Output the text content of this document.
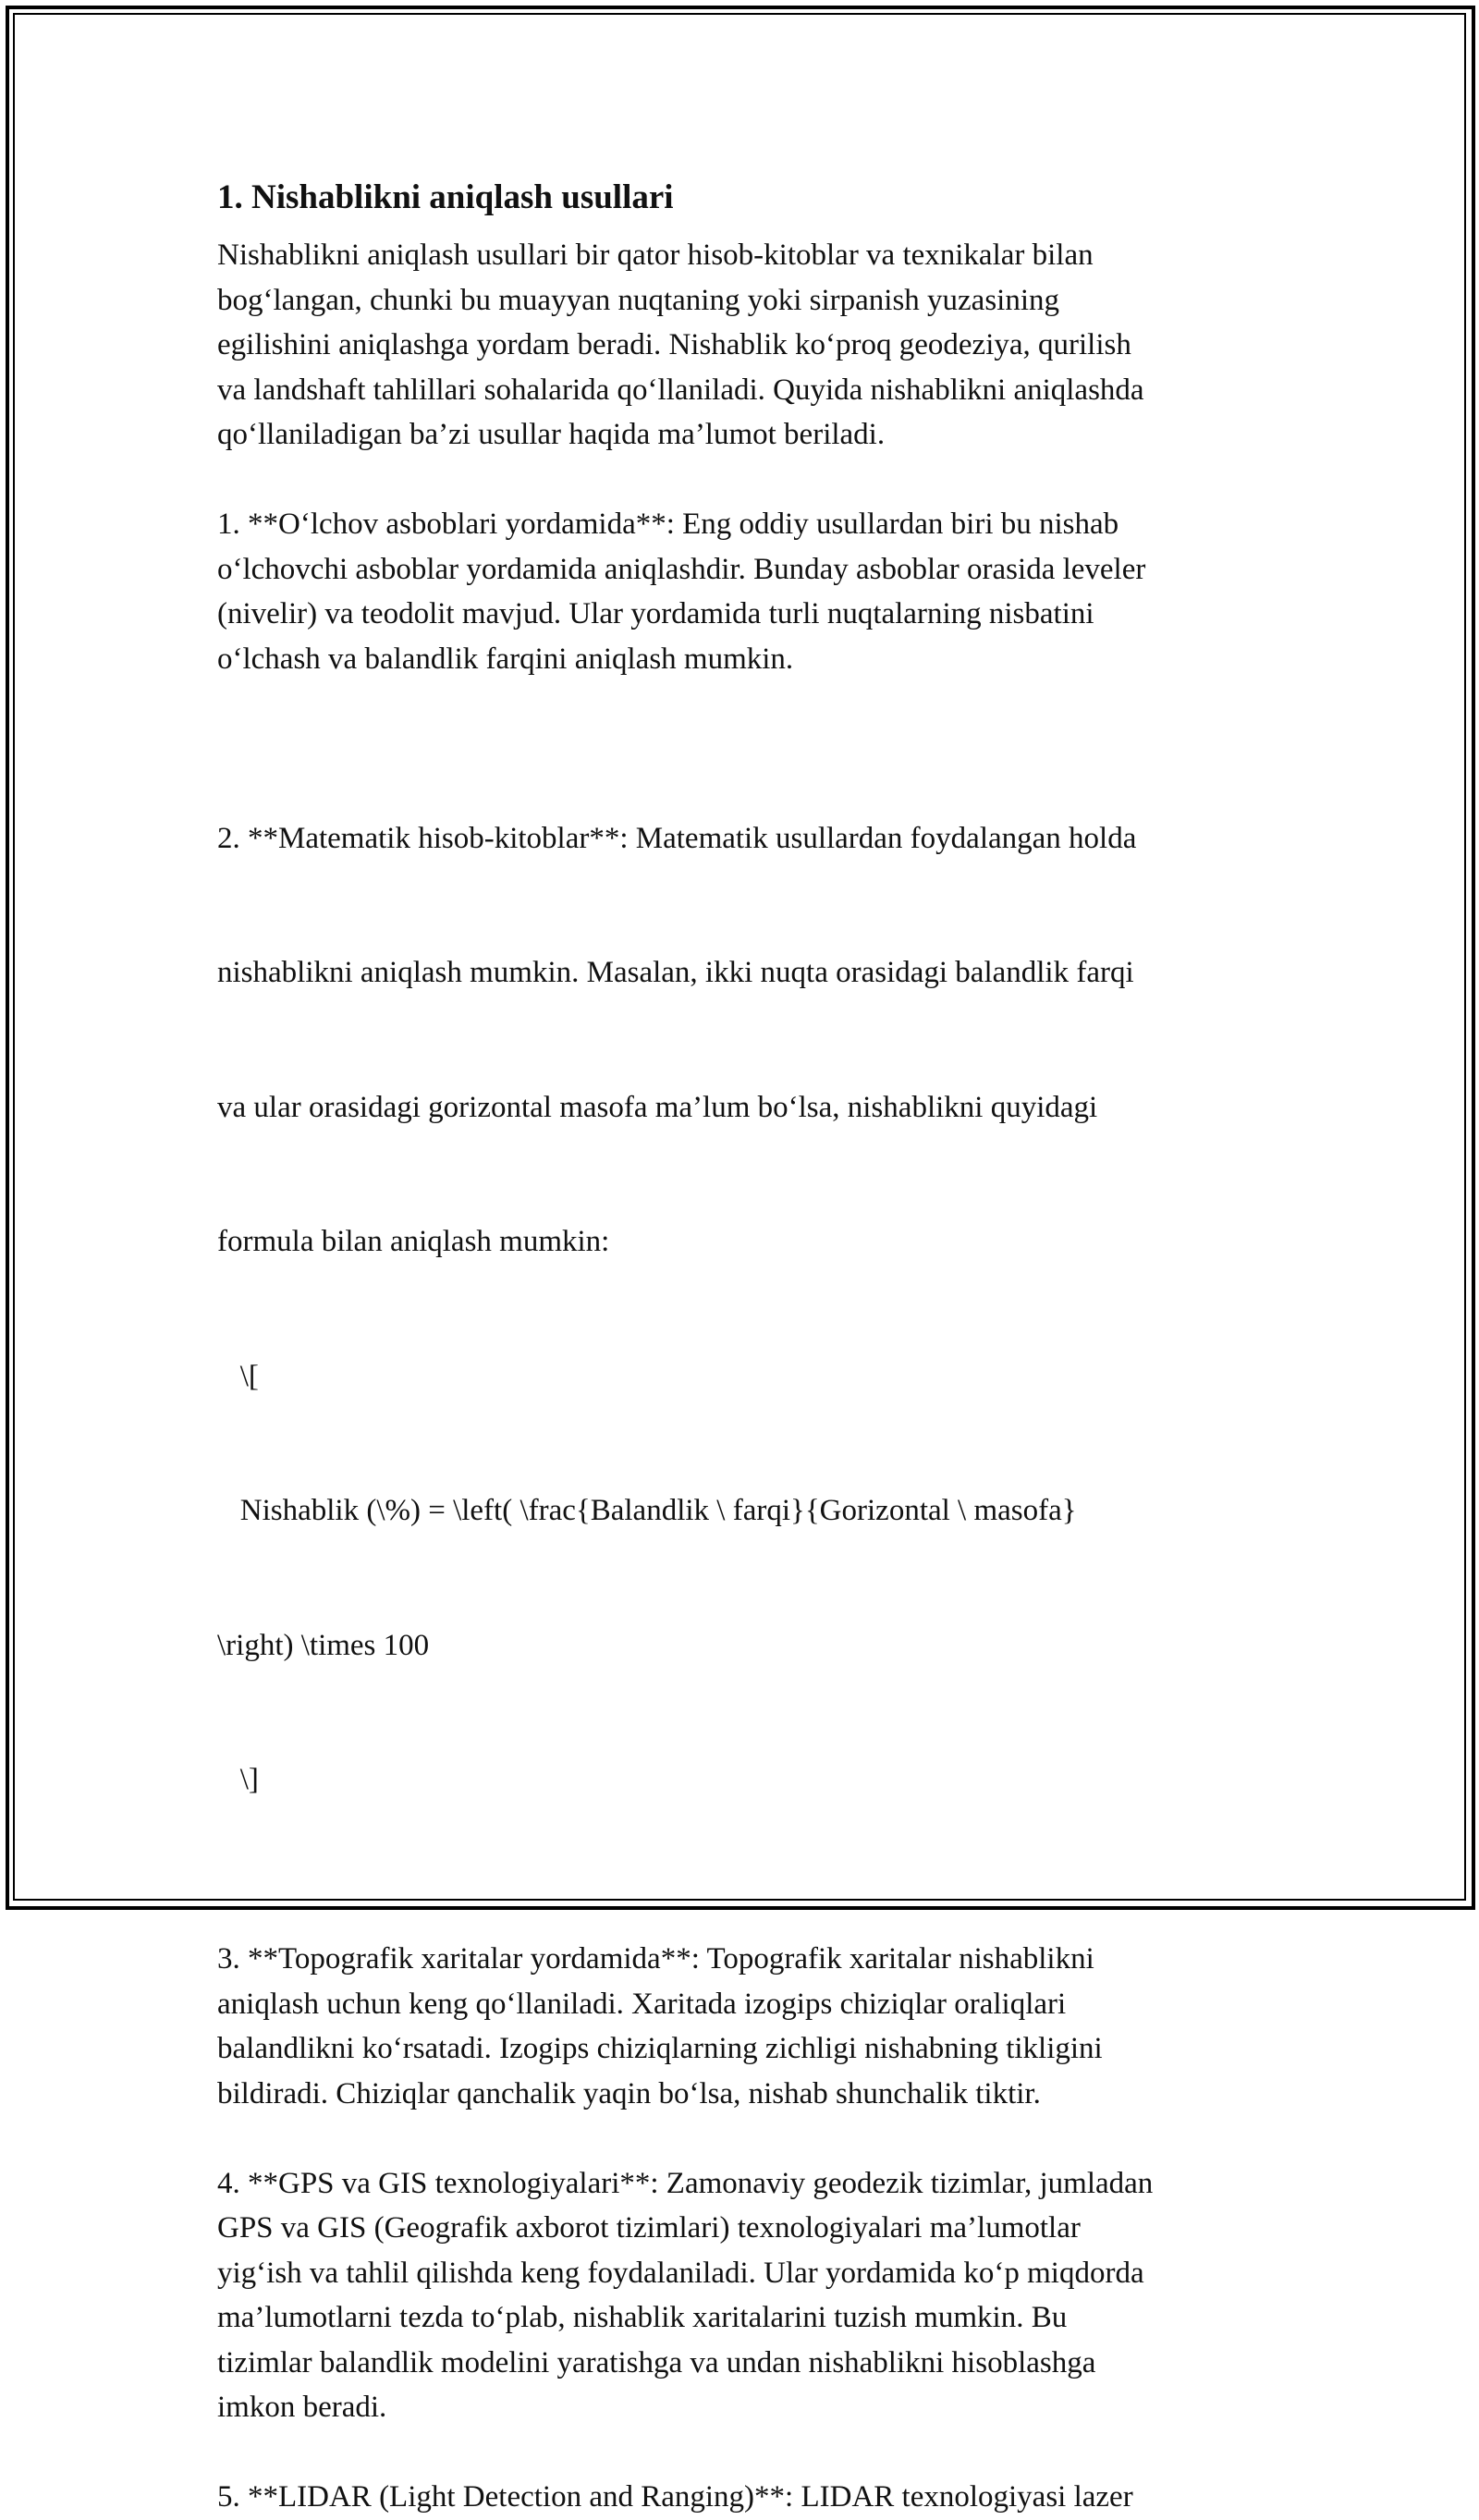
1. Nishablikni aniqlash usullari

Nishablikni aniqlash usullari bir qator hisob-kitoblar va texnikalar bilan
bog‘langan, chunki bu muayyan nuqtaning yoki sirpanish yuzasining
egilishini aniqlashga yordam beradi. Nishablik ko‘proq geodeziya, qurilish
va landshaft tahlillari sohalarida qo‘llaniladi. Quyida nishablikni aniqlashda
qo‘llaniladigan ba’zi usullar haqida ma’lumot beriladi.

1. **O‘lchov asboblari yordamida**: Eng oddiy usullardan biri bu nishab
o‘lchovchi asboblar yordamida aniqlashdir. Bunday asboblar orasida leveler
(nivelir) va teodolit mavjud. Ular yordamida turli nuqtalarning nisbatini
o‘lchash va balandlik farqini aniqlash mumkin.

2. **Matematik hisob-kitoblar**: Matematik usullardan foydalangan holda

nishablikni aniqlash mumkin. Masalan, ikki nuqta orasidagi balandlik farqi

va ular orasidagi gorizontal masofa ma’lum bo‘lsa, nishablikni quyidagi

formula bilan aniqlash mumkin:

\[

Nishablik (\%) = \left( \frac{Balandlik \ farqi}{Gorizontal \ masofa}

\right) \times 100

\]

3. **Topografik xaritalar yordamida**: Topografik xaritalar nishablikni
aniqlash uchun keng qo‘llaniladi. Xaritada izogips chiziqlar oraliqlari
balandlikni ko‘rsatadi. Izogips chiziqlarning zichligi nishabning tikligini
bildiradi. Chiziqlar qanchalik yaqin bo‘lsa, nishab shunchalik tiktir.

4. **GPS va GIS texnologiyalari**: Zamonaviy geodezik tizimlar, jumladan
GPS va GIS (Geografik axborot tizimlari) texnologiyalari ma’lumotlar
yig‘ish va tahlil qilishda keng foydalaniladi. Ular yordamida ko‘p miqdorda
ma’lumotlarni tezda to‘plab, nishablik xaritalarini tuzish mumkin. Bu
tizimlar balandlik modelini yaratishga va undan nishablikni hisoblashga
imkon beradi.

5. **LIDAR (Light Detection and Ranging)**: LIDAR texnologiyasi lazer
